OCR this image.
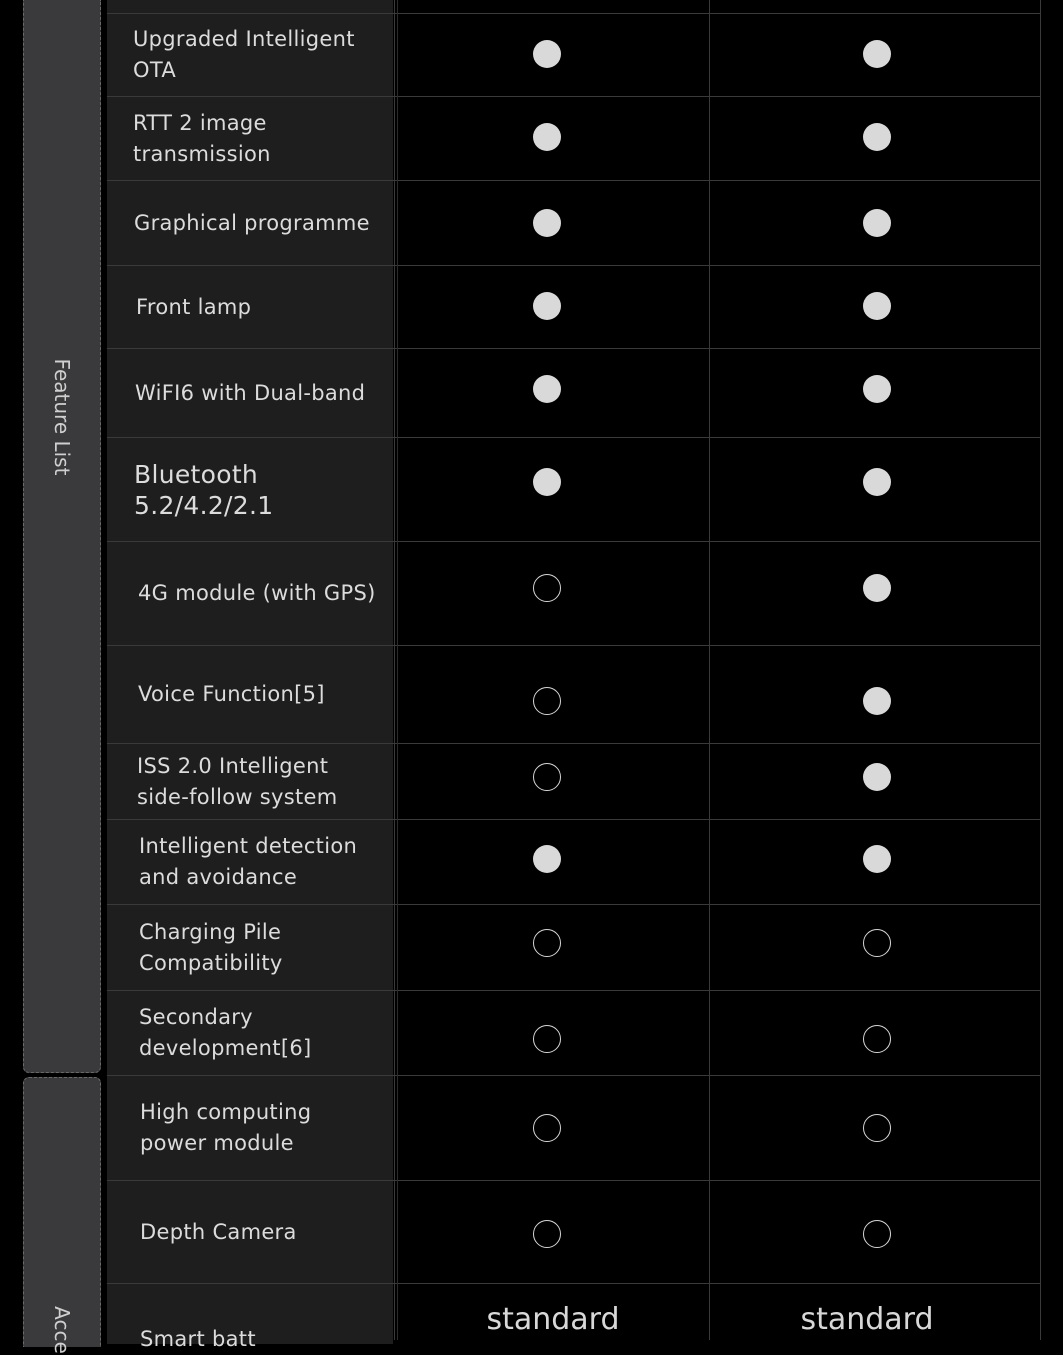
Feature List
Acce
Upgraded Intelligent OTA
RTT 2 image transmission
Graphical programme
Front lamp
WiFI6 with Dual-band
Bluetooth 5.2/4.2/2.1
4G module (with GPS)
Voice Function[5]
ISS 2.0 Intelligent side-follow system
Intelligent detection and avoidance
Charging Pile Compatibility
Secondary development[6]
High computing power module
Depth Camera
Smart batt
standard	standard
